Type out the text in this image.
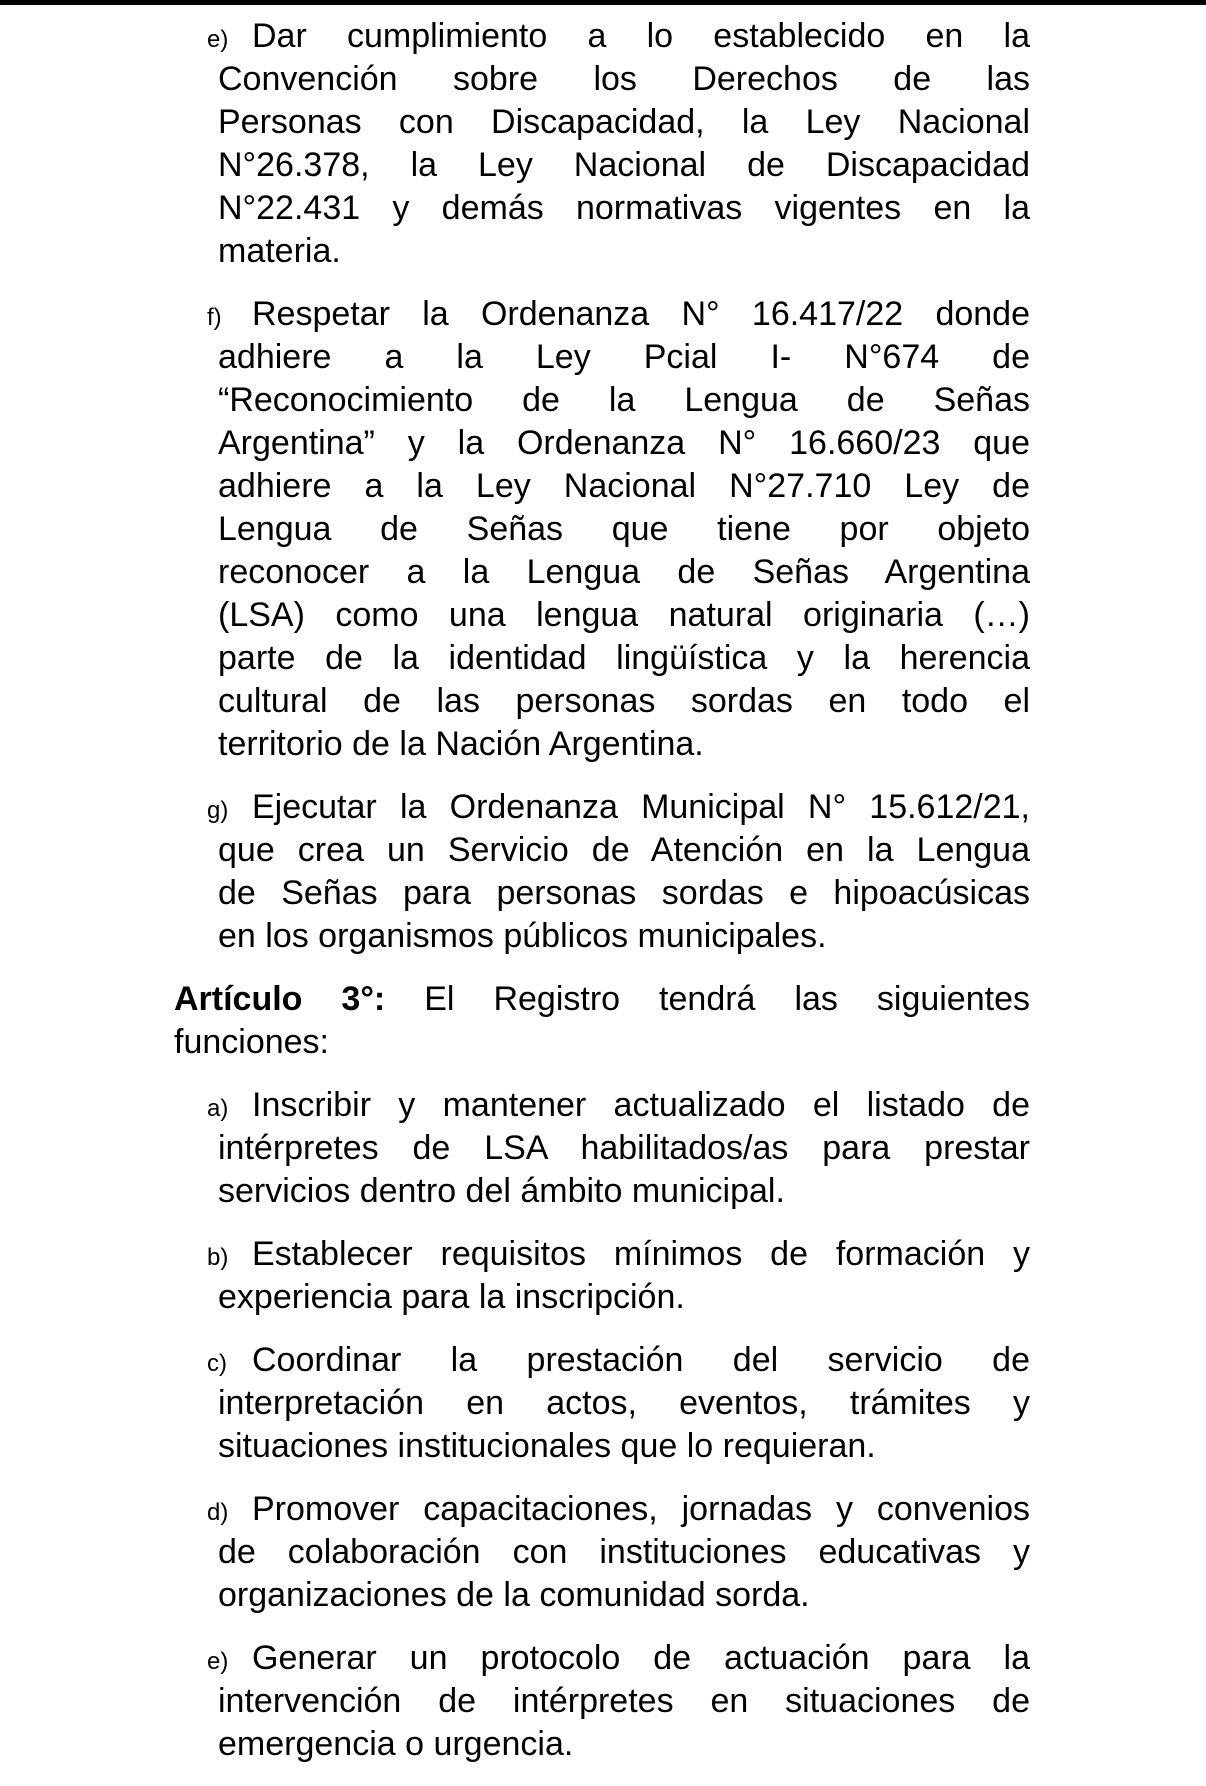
e) Dar cumplimiento a lo establecido en la
Convención sobre los Derechos de las
Personas con Discapacidad, la Ley Nacional
N°26.378, la Ley Nacional de Discapacidad
N°22.431 y demás normativas vigentes en la
materia.
f) Respetar la Ordenanza N° 16.417/22 donde
adhiere a la Ley Pcial I- N°674 de
“Reconocimiento de la Lengua de Señas
Argentina” y la Ordenanza N° 16.660/23 que
adhiere a la Ley Nacional N°27.710 Ley de
Lengua de Señas que tiene por objeto
reconocer a la Lengua de Señas Argentina
(LSA) como una lengua natural originaria (…)
parte de la identidad lingüística y la herencia
cultural de las personas sordas en todo el
territorio de la Nación Argentina.
g) Ejecutar la Ordenanza Municipal N° 15.612/21,
que crea un Servicio de Atención en la Lengua
de Señas para personas sordas e hipoacúsicas
en los organismos públicos municipales.
Artículo 3°: El Registro tendrá las siguientes
funciones:
a) Inscribir y mantener actualizado el listado de
intérpretes de LSA habilitados/as para prestar
servicios dentro del ámbito municipal.
b) Establecer requisitos mínimos de formación y
experiencia para la inscripción.
c) Coordinar la prestación del servicio de
interpretación en actos, eventos, trámites y
situaciones institucionales que lo requieran.
d) Promover capacitaciones, jornadas y convenios
de colaboración con instituciones educativas y
organizaciones de la comunidad sorda.
e) Generar un protocolo de actuación para la
intervención de intérpretes en situaciones de
emergencia o urgencia.
